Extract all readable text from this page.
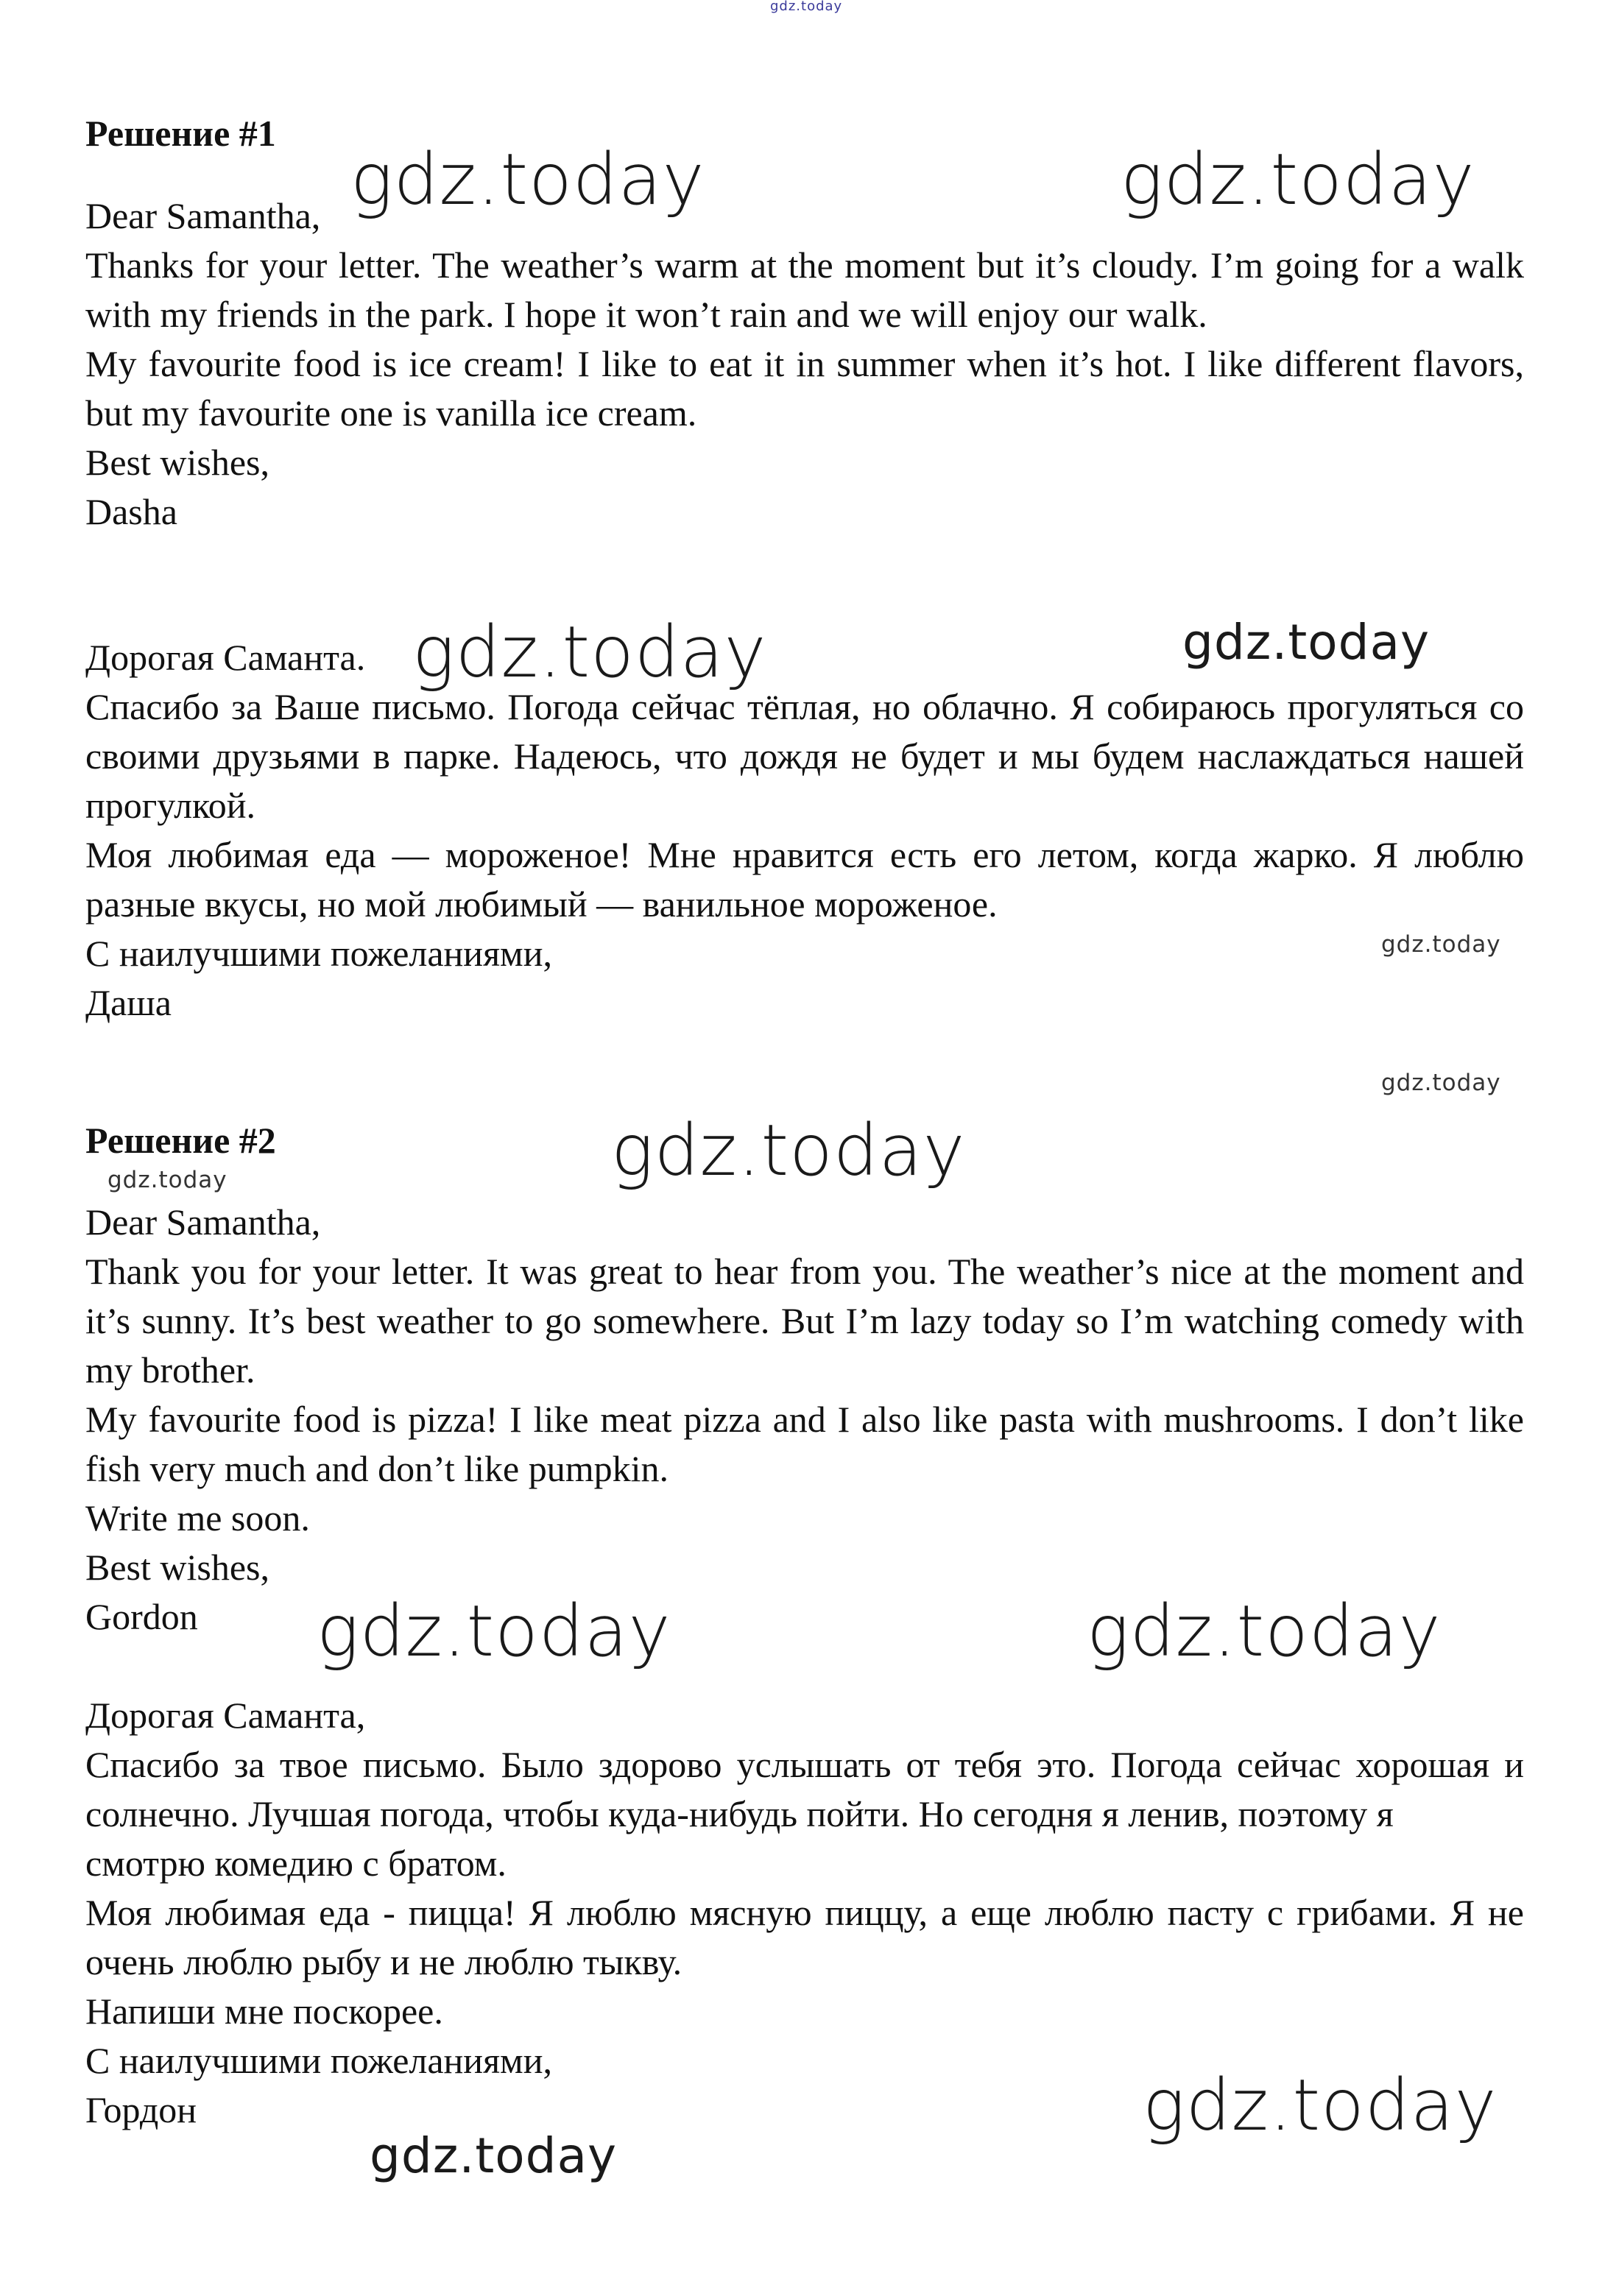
Решение #1
Dear Samantha,

Thanks for your letter. The weather’s warm at the moment but it’s cloudy. I’m going for a walk with my friends in the park. I hope it won’t rain and we will enjoy our walk.

My favourite food is ice cream! I like to eat it in summer when it’s hot. I like different flavors, but my favourite one is vanilla ice cream.

Best wishes,
Dasha
Дорогая Саманта.

Спасибо за Ваше письмо. Погода сейчас тёплая, но облачно. Я собираюсь прогуляться со своими друзьями в парке. Надеюсь, что дождя не будет и мы будем наслаждаться нашей прогулкой.

Моя любимая еда — мороженое! Мне нравится есть его летом, когда жарко. Я люблю разные вкусы, но мой любимый — ванильное мороженое.

С наилучшими пожеланиями,
Даша
Решение #2
Dear Samantha,

Thank you for your letter. It was great to hear from you. The weather’s nice at the moment and it’s sunny. It’s best weather to go somewhere. But I’m lazy today so I’m watching comedy with my brother.

My favourite food is pizza! I like meat pizza and I also like pasta with mushrooms. I don’t like fish very much and don’t like pumpkin.

Write me soon.
Best wishes,
Gordon
Дорогая Саманта,

Спасибо за твое письмо. Было здорово услышать от тебя это. Погода сейчас хорошая и солнечно. Лучшая погода, чтобы куда-нибудь пойти. Но сегодня я ленив, поэтому я

смотрю комедию с братом.

Моя любимая еда - пицца! Я люблю мясную пиццу, а еще люблю пасту с грибами. Я не очень люблю рыбу и не люблю тыкву.

Напиши мне поскорее.
С наилучшими пожеланиями,
Гордон
gdz.today
gdz.today	gdz.today
gdz.today	gdz.today
gdz.today
gdz.today
gdz.today
gdz.today
gdz.today	gdz.today
gdz.today
gdz.today
